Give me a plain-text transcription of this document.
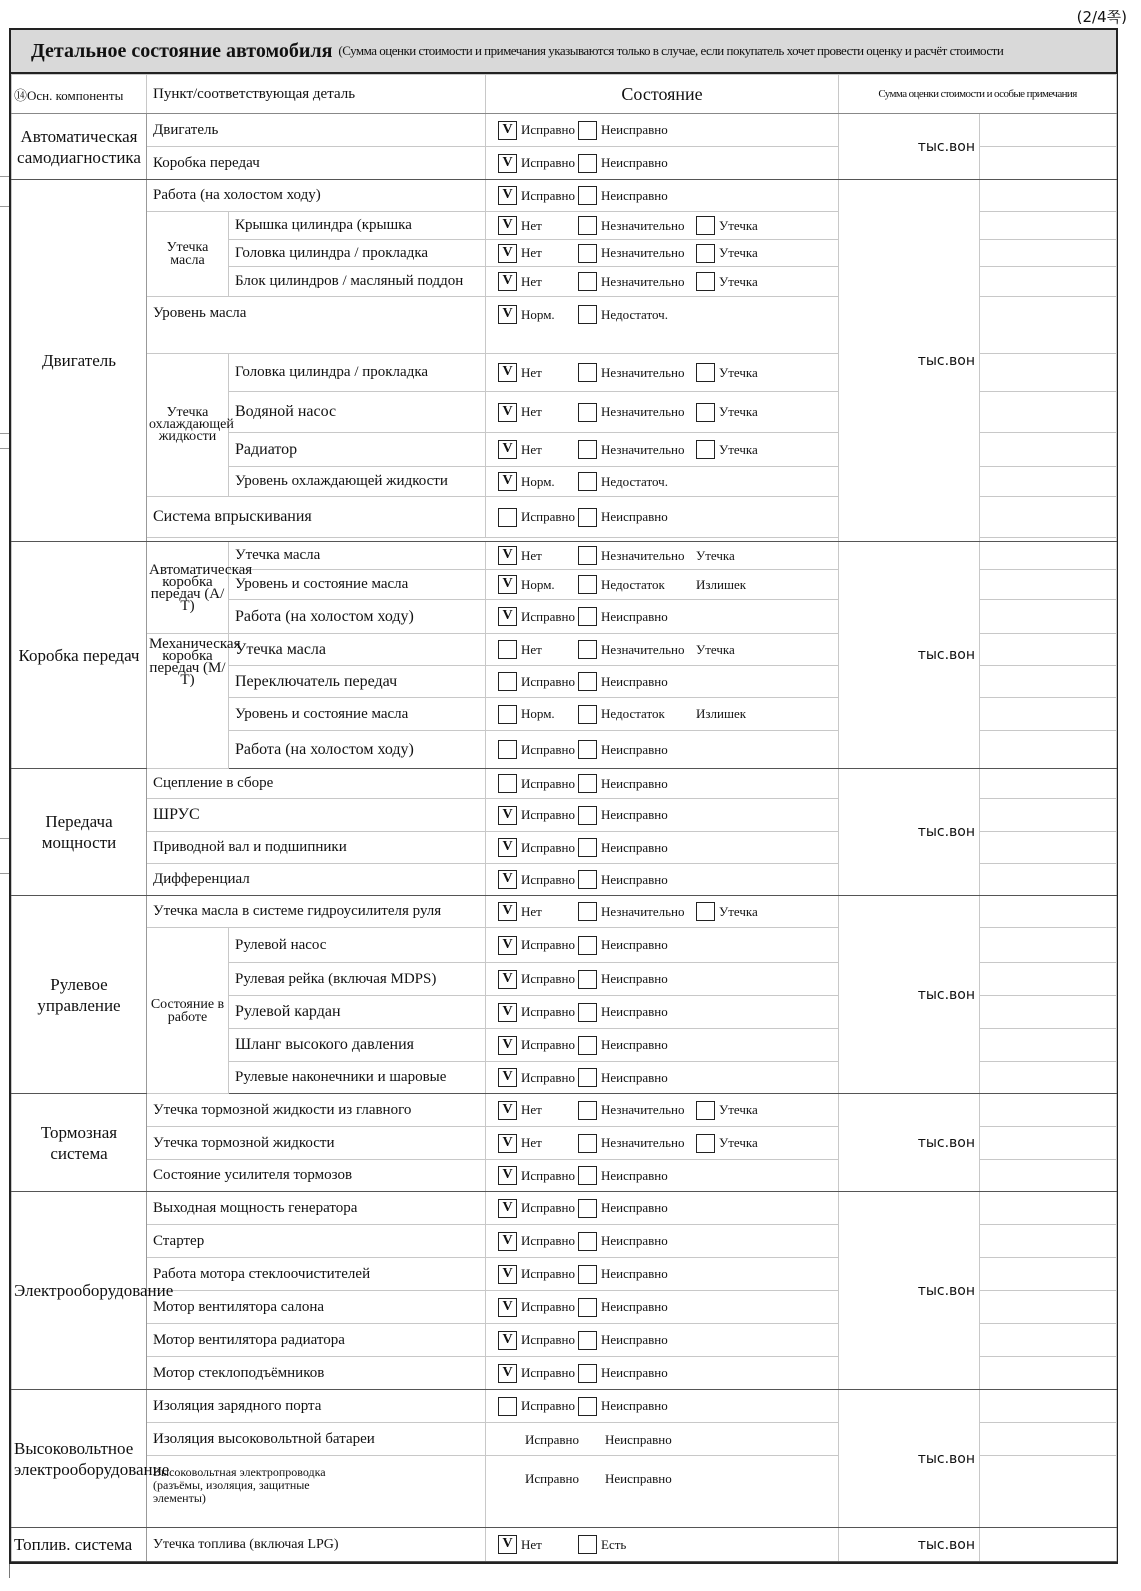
(2/4쪽)
Детальное состояние автомобиля (Сумма оценки стоимости и примечания указываются только в случае, если покупатель хочет провести оценку и расчёт стоимости
⑭Осн. компоненты	Пункт/соответствующая деталь		Состояние	Сумма оценки стоимости и особые примечания	
Автоматическая самодиагностика	Двигатель		V Исправно Неисправно	тыс.вон	
	Коробка передач		V Исправно Неисправно		
Двигатель	Работа (на холостом ходу)		V Исправно Неисправно	тыс.вон	
	Утечка масла	Крышка цилиндра (крышка	V Нет Незначительно Утечка		
		Головка цилиндра / прокладка	V Нет Незначительно Утечка		
		Блок цилиндров / масляный поддон	V Нет Незначительно Утечка		
	Уровень масла		V Норм. Недостаточ.		
	Утечка охлаждающей жидкости	Головка цилиндра / прокладка	V Нет Незначительно Утечка		
		Водяной насос	V Нет Незначительно Утечка		
		Радиатор	V Нет Незначительно Утечка		
		Уровень охлаждающей жидкости	V Норм. Недостаточ.		
	Система впрыскивания		Исправно Неисправно		

Коробка передач	Автоматическая коробка передач (А/Т)	Утечка масла	V Нет Незначительно Утечка	тыс.вон	
		Уровень и состояние масла	V Норм. Недостаток Излишек		
		Работа (на холостом ходу)	V Исправно Неисправно		
	Механическая коробка передач (М/Т)	Утечка масла	Нет Незначительно Утечка		
		Переключатель передач	Исправно Неисправно		
		Уровень и состояние масла	Норм. Недостаток Излишек		
		Работа (на холостом ходу)	Исправно Неисправно		
Передача мощности	Сцепление в сборе		Исправно Неисправно	тыс.вон	
	ШРУС		V Исправно Неисправно		
	Приводной вал и подшипники		V Исправно Неисправно		
	Дифференциал		V Исправно Неисправно		
Рулевое управление	Утечка масла в системе гидроусилителя руля		V Нет Незначительно Утечка	тыс.вон	
	Состояние в работе	Рулевой насос	V Исправно Неисправно		
		Рулевая рейка (включая MDPS)	V Исправно Неисправно		
		Рулевой кардан	V Исправно Неисправно		
		Шланг высокого давления	V Исправно Неисправно		
		Рулевые наконечники и шаровые	V Исправно Неисправно		
Тормозная система	Утечка тормозной жидкости из главного		V Нет Незначительно Утечка	тыс.вон	
	Утечка тормозной жидкости		V Нет Незначительно Утечка		
	Состояние усилителя тормозов		V Исправно Неисправно		
Электрооборудование	Выходная мощность генератора		V Исправно Неисправно	тыс.вон	
	Стартер		V Исправно Неисправно		
	Работа мотора стеклоочистителей		V Исправно Неисправно		
	Мотор вентилятора салона		V Исправно Неисправно		
	Мотор вентилятора радиатора		V Исправно Неисправно		
	Мотор стеклоподъёмников		V Исправно Неисправно		
Высоковольтное электрооборудование	Изоляция зарядного порта		Исправно Неисправно	тыс.вон	
	Изоляция высоковольтной батареи		Исправно Неисправно		

	Высоковольтная электропроводка (разъёмы, изоляция, защитные элементы)		Исправно Неисправно		
Топлив. система	Утечка топлива (включая LPG)		V Нет Есть	тыс.вон	
